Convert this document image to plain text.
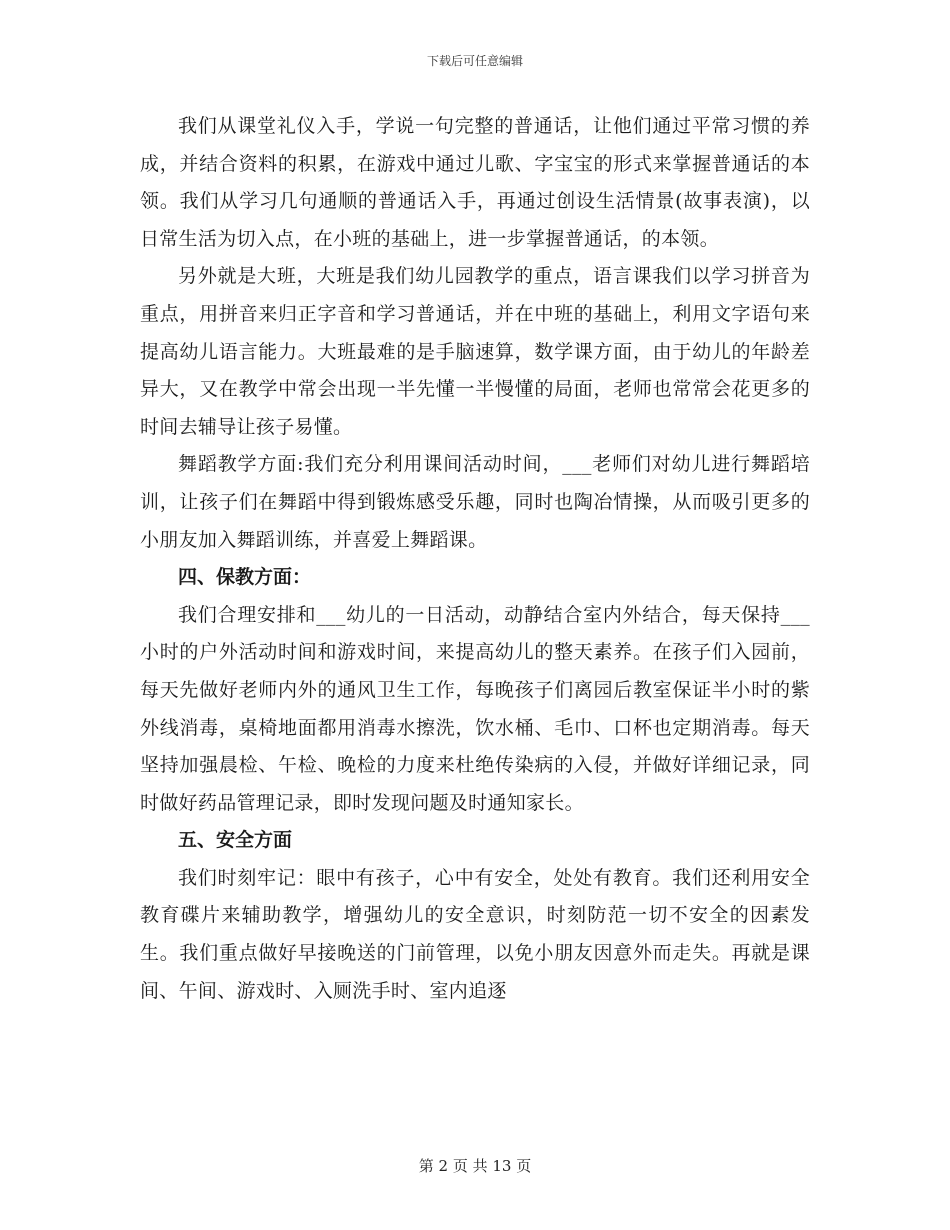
下载后可任意编辑

我们从课堂礼仪入手，学说一句完整的普通话，让他们通过平常习惯的养成，并结合资料的积累，在游戏中通过儿歌、字宝宝的形式来掌握普通话的本领。我们从学习几句通顺的普通话入手，再通过创设生活情景(故事表演)，以日常生活为切入点，在小班的基础上，进一步掌握普通话，的本领。

另外就是大班，大班是我们幼儿园教学的重点，语言课我们以学习拼音为重点，用拼音来归正字音和学习普通话，并在中班的基础上，利用文字语句来提高幼儿语言能力。大班最难的是手脑速算，数学课方面，由于幼儿的年龄差异大，又在教学中常会出现一半先懂一半慢懂的局面，老师也常常会花更多的时间去辅导让孩子易懂。

舞蹈教学方面:我们充分利用课间活动时间，___老师们对幼儿进行舞蹈培训，让孩子们在舞蹈中得到锻炼感受乐趣，同时也陶冶情操，从而吸引更多的小朋友加入舞蹈训练，并喜爱上舞蹈课。

四、保教方面：

我们合理安排和___幼儿的一日活动，动静结合室内外结合，每天保持___小时的户外活动时间和游戏时间，来提高幼儿的整天素养。在孩子们入园前，每天先做好老师内外的通风卫生工作，每晚孩子们离园后教室保证半小时的紫外线消毒，桌椅地面都用消毒水擦洗，饮水桶、毛巾、口杯也定期消毒。每天坚持加强晨检、午检、晚检的力度来杜绝传染病的入侵，并做好详细记录，同时做好药品管理记录，即时发现问题及时通知家长。

五、安全方面

我们时刻牢记：眼中有孩子，心中有安全，处处有教育。我们还利用安全教育碟片来辅助教学，增强幼儿的安全意识，时刻防范一切不安全的因素发生。我们重点做好早接晚送的门前管理，以免小朋友因意外而走失。再就是课间、午间、游戏时、入厕洗手时、室内追逐

第 2 页 共 13 页
